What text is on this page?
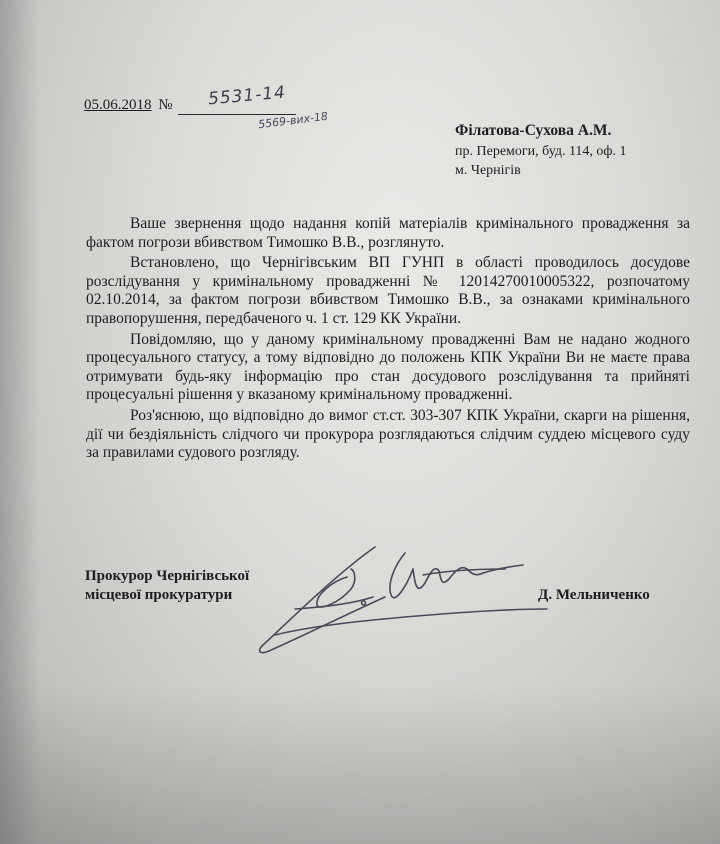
05.06.2018 №	5531-14
5569-вих-18	Філатова-Сухова А.М.
пр. Перемоги, буд. 114, оф. 1
м. Чернігів

Ваше звернення щодо надання копій матеріалів кримінального провадження за фактом погрози вбивством Тимошко В.В., розглянуто.

Встановлено, що Чернігівським ВП ГУНП в області проводилось досудове розслідування у кримінальному провадженні № 12014270010005322, розпочатому 02.10.2014, за фактом погрози вбивством Тимошко В.В., за ознаками кримінального правопорушення, передбаченого ч. 1 ст. 129 КК України.

Повідомляю, що у даному кримінальному провадженні Вам не надано жодного процесуального статусу, а тому відповідно до положень КПК України Ви не маєте права отримувати будь-яку інформацію про стан досудового розслідування та прийняті процесуальні рішення у вказаному кримінальному провадженні.

Роз'яснюю, що відповідно до вимог ст.ст. 303-307 КПК України, скарги на рішення, дії чи бездіяльність слідчого чи прокурора розглядаються слідчим суддею місцевого суду за правилами судового розгляду.

Прокурор Чернігівської
місцевої прокуратури	Д. Мельниченко
